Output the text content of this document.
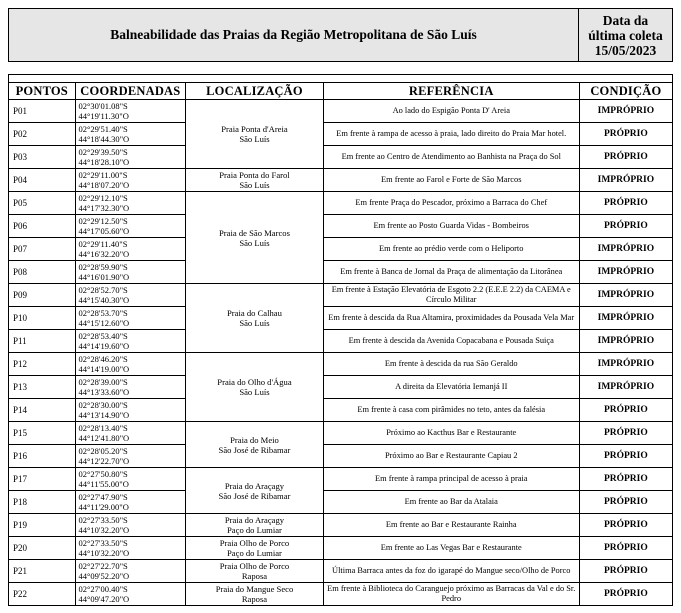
Balneabilidade das Praias da Região Metropolitana de São Luís	Data da
última coleta
15/05/2023

PONTOS	COORDENADAS	LOCALIZAÇÃO	REFERÊNCIA	CONDIÇÃO
P01	02°30'01.08"S
44°19'11.30"O	Praia Ponta d'Areia
São Luís	Ao lado do Espigão Ponta D' Areia	IMPRÓPRIO
P02	02°29'51.40"S
44°18'44.30"O		Em frente à rampa de acesso à praia, lado direito do Praia Mar hotel.	PRÓPRIO
P03	02°29'39.50"S
44°18'28.10"O		Em frente ao Centro de Atendimento ao Banhista na Praça do Sol	PRÓPRIO
P04	02°29'11.00"S
44°18'07.20"O	Praia Ponta do Farol
São Luís	Em frente ao Farol e Forte de São Marcos	IMPRÓPRIO
P05	02°29'12.10"S
44°17'32.30"O	Praia de São Marcos
São Luís	Em frente Praça do Pescador, próximo a Barraca do Chef	PRÓPRIO
P06	02°29'12.50"S
44°17'05.60"O		Em frente ao Posto Guarda Vidas - Bombeiros	PRÓPRIO
P07	02°29'11.40"S
44°16'32.20"O		Em frente ao prédio verde com o Heliporto	IMPRÓPRIO
P08	02°28'59.90"S
44°16'01.90"O		Em frente à Banca de Jornal da Praça de alimentação da Litorânea	IMPRÓPRIO
P09	02°28'52.70"S
44°15'40.30"O	Praia do Calhau
São Luís	Em frente à Estação Elevatória de Esgoto 2.2 (E.E.E 2.2) da CAEMA e Círculo Militar	IMPRÓPRIO
P10	02°28'53.70"S
44°15'12.60"O		Em frente à descida da Rua Altamira, proximidades da Pousada Vela Mar	IMPRÓPRIO
P11	02°28'53.40"S
44°14'19.60"O		Em frente à descida da Avenida Copacabana e Pousada Suiça	IMPRÓPRIO
P12	02°28'46.20"S
44°14'19.00"O	Praia do Olho d'Água
São Luís	Em frente à descida da rua São Geraldo	IMPRÓPRIO
P13	02°28'39.00"S
44°13'33.60"O		A direita da Elevatória Iemanjá II	IMPRÓPRIO
P14	02°28'30.00"S
44°13'14.90"O		Em frente à casa com pirâmides no teto, antes da falésia	PRÓPRIO
P15	02°28'13.40"S
44°12'41.80"O	Praia do Meio
São José de Ribamar	Próximo ao Kacthus Bar e Restaurante	PRÓPRIO
P16	02°28'05.20"S
44°12'22.70"O		Próximo ao Bar e Restaurante Capiau 2	PRÓPRIO
P17	02°27'50.80"S
44°11'55.00"O	Praia do Araçagy
São José de Ribamar	Em frente à rampa principal de acesso à praia	PRÓPRIO
P18	02°27'47.90"S
44°11'29.00"O		Em frente ao Bar da Atalaia	PRÓPRIO
P19	02°27'33.50"S
44°10'32.20"O	Praia do Araçagy
Paço do Lumiar	Em frente ao Bar e Restaurante Rainha	PRÓPRIO
P20	02°27'33.50"S
44°10'32.20"O	Praia Olho de Porco
Paço do Lumiar	Em frente ao Las Vegas Bar e Restaurante	PRÓPRIO
P21	02°27'22.70"S
44°09'52.20"O	Praia Olho de Porco
Raposa	Última Barraca antes da foz do igarapé do Mangue seco/Olho de Porco	PRÓPRIO
P22	02°27'00.40"S
44°09'47.20"O	Praia do Mangue Seco
Raposa	Em frente à Biblioteca do Caranguejo próximo as Barracas da Val e do Sr. Pedro	PRÓPRIO
